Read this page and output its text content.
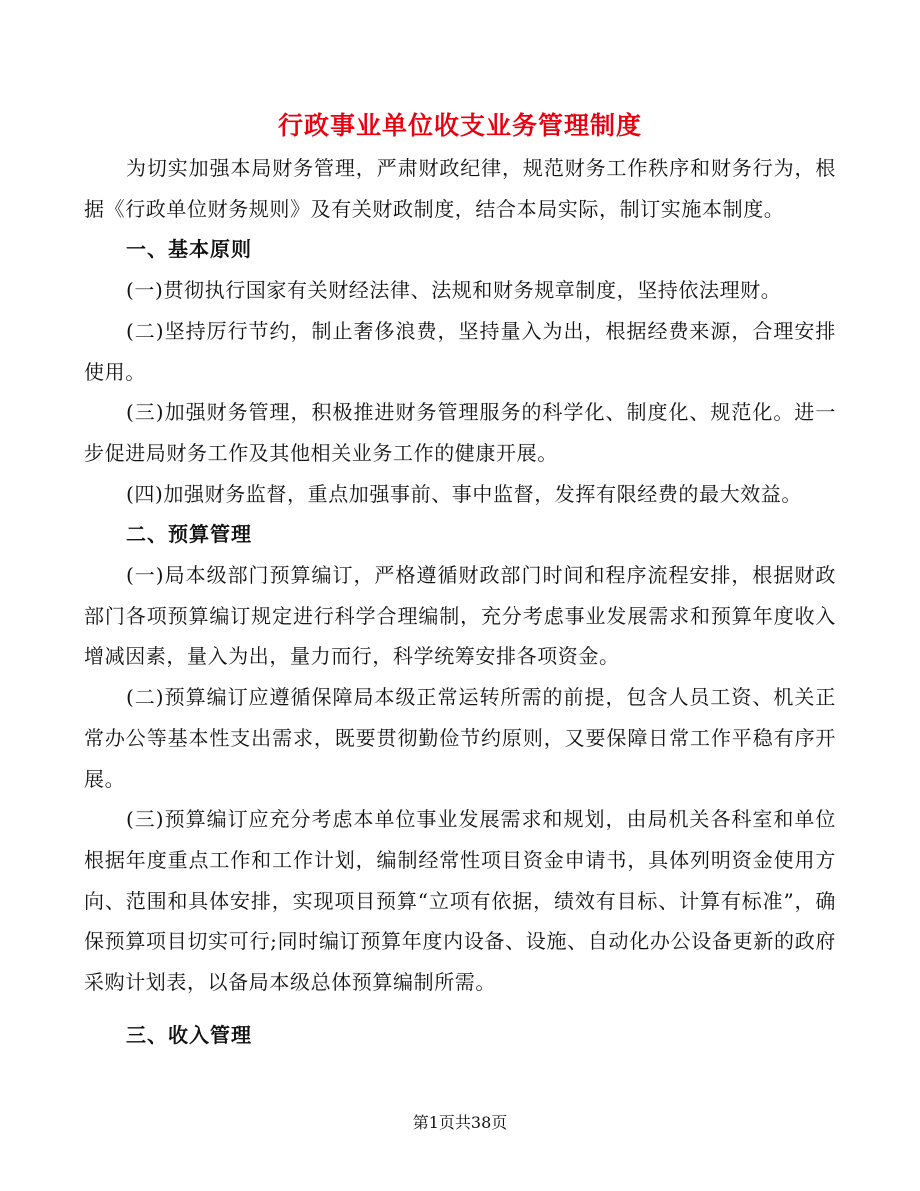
行政事业单位收支业务管理制度

为切实加强本局财务管理，严肃财政纪律，规范财务工作秩序和财务行为，根据《行政单位财务规则》及有关财政制度，结合本局实际，制订实施本制度。

一、基本原则

(一)贯彻执行国家有关财经法律、法规和财务规章制度，坚持依法理财。

(二)坚持厉行节约，制止奢侈浪费，坚持量入为出，根据经费来源，合理安排使用。

(三)加强财务管理，积极推进财务管理服务的科学化、制度化、规范化。进一步促进局财务工作及其他相关业务工作的健康开展。

(四)加强财务监督，重点加强事前、事中监督，发挥有限经费的最大效益。

二、预算管理

(一)局本级部门预算编订，严格遵循财政部门时间和程序流程安排，根据财政部门各项预算编订规定进行科学合理编制，充分考虑事业发展需求和预算年度收入增减因素，量入为出，量力而行，科学统筹安排各项资金。

(二)预算编订应遵循保障局本级正常运转所需的前提，包含人员工资、机关正常办公等基本性支出需求，既要贯彻勤俭节约原则，又要保障日常工作平稳有序开展。

(三)预算编订应充分考虑本单位事业发展需求和规划，由局机关各科室和单位根据年度重点工作和工作计划，编制经常性项目资金申请书，具体列明资金使用方向、范围和具体安排，实现项目预算“立项有依据，绩效有目标、计算有标准”，确保预算项目切实可行;同时编订预算年度内设备、设施、自动化办公设备更新的政府采购计划表，以备局本级总体预算编制所需。

三、收入管理

第1页共38页
